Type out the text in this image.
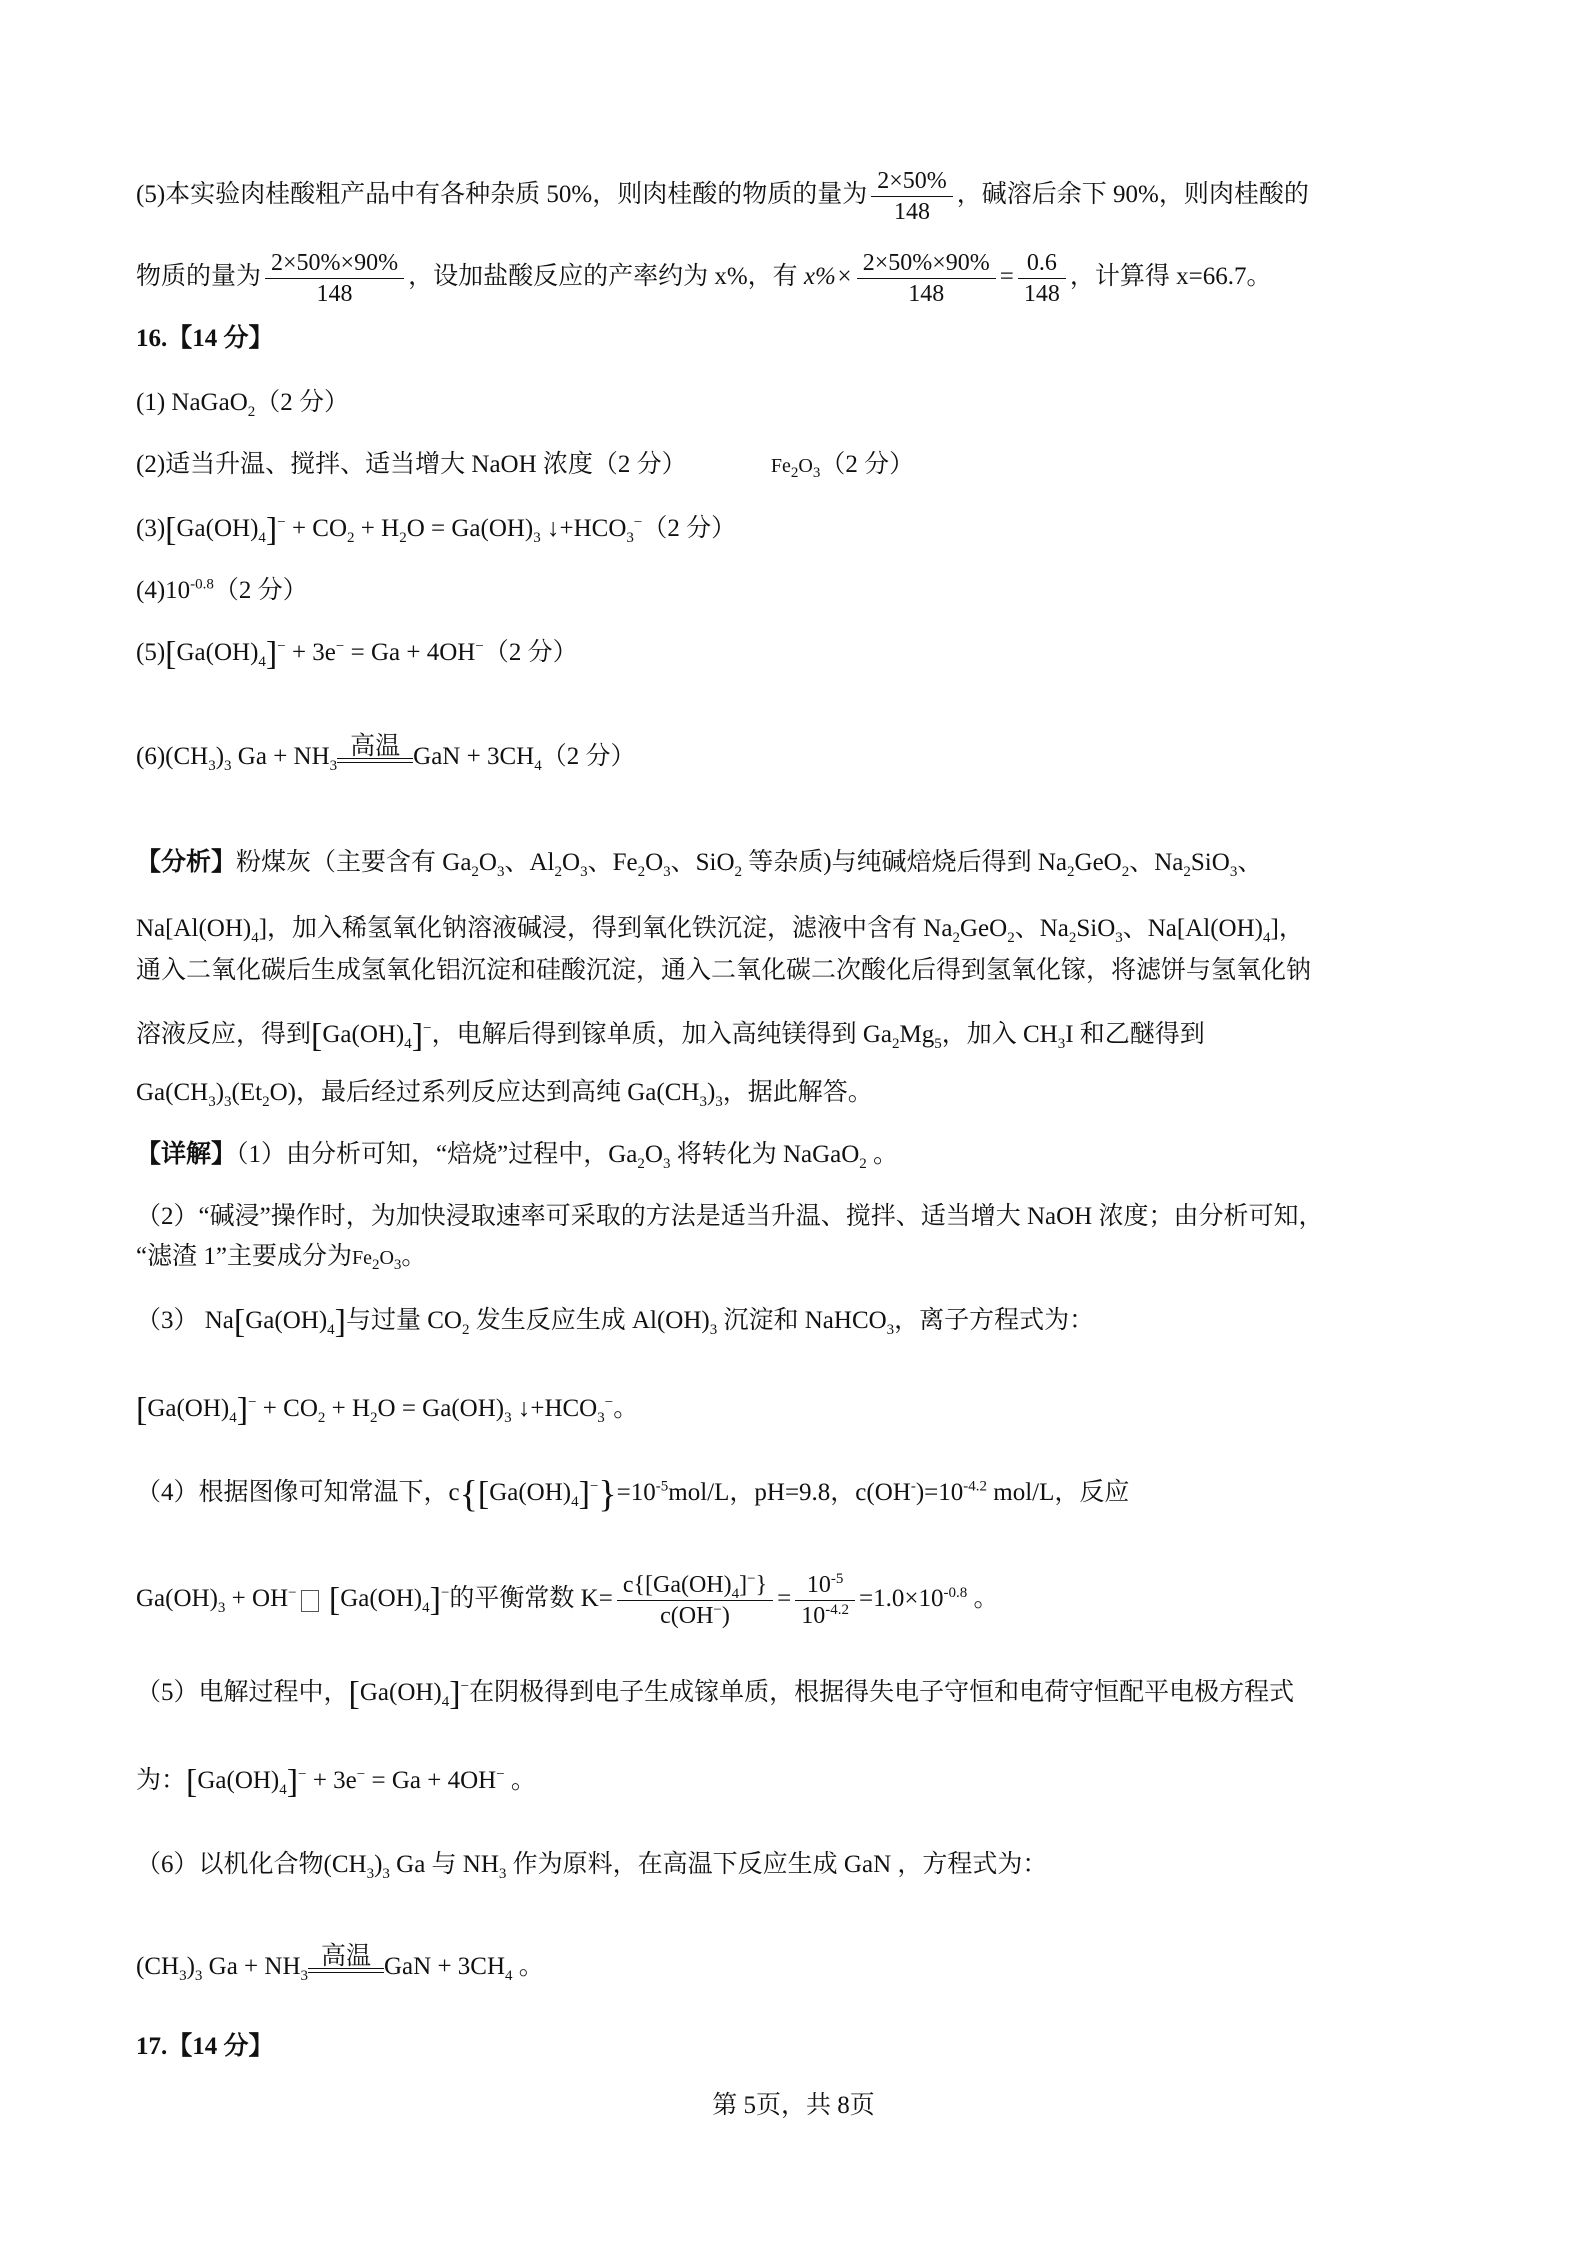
(5)本实验肉桂酸粗产品中有各种杂质 50%，则肉桂酸的物质的量为 $\frac{2\times 50\%}{148}$ ，碱溶后余下 90%，则肉桂酸的
物质的量为 $\frac{2\times 50\%\times 90\%}{148}$ ，设加盐酸反应的产率约为 x%，有 $x\%\times \frac{2\times 50\%\times 90\%}{148} = \frac{0.6}{148}$ ，计算得 x=66.7。
16.【14 分】
(1) NaGaO$_2$（2 分）
(2)适当升温、搅拌、适当增大 NaOH 浓度（2 分）	$Fe_2O_3(2$ 分）
$(3)[Ga(OH)_4]^- + CO_2 + H_2O = Ga(OH)_3$ $↓+HCO_3^-(2$ 分）
$(4)10^{-0.8}(2$ 分）
$(5)[Ga(OH)_4]^- + 3e^- = Ga + 4OH^-(2$ 分）
$(6)(CH_3)_3$ $Ga + NH_3$
高温 GaN + $3CH_4(2$ 分）
【分析】粉煤灰（主要含有 $Ga_2O_3$、$Al_2O_3$、$Fe_2O_3$、SiO$_2$ 等杂质)与纯碱焙烧后得到 $Na_2GeO_2$、$Na_2SiO_3$、
$Na[Al(OH)_4]$，加入稀氢氧化钠溶液碱浸，得到氧化铁沉淀，滤液中含有 $Na_2GeO_2$、$Na_2SiO_3$、$Na[Al(OH)_4]$，
通入二氧化碳后生成氢氧化铝沉淀和硅酸沉淀，通入二氧化碳二次酸化后得到氢氧化镓，将滤饼与氢氧化钠
溶液反应，得到$[Ga(OH)_4]^-$，电解后得到镓单质，加入高纯镁得到 $Ga_2Mg_5$，加入 $CH_3I$ 和乙醚得到
$Ga(CH_3)_3(Et_2O)$，最后经过系列反应达到高纯 $Ga(CH_3)_3$，据此解答。
【详解】（1）由分析可知，“焙烧”过程中，$Ga_2O_3$ 将转化为 NaGaO$_2$ 。
（2）“碱浸”操作时，为加快浸取速率可采取的方法是适当升温、搅拌、适当增大 NaOH 浓度；由分析可知，
“滤渣 1”主要成分为$Fe_2O_3$。
（3） $Na[Ga(OH)_4]$与过量 $CO_2$ 发生反应生成 $Al(OH)_3$ 沉淀和 NaHCO$_3$，离子方程式为：
$[Ga(OH)_4]^- + CO_2 + H_2O = Ga(OH)_3$ $↓+HCO_3^-$。
（4）根据图像可知常温下，$c\{[Ga(OH)_4]^-\}=10^{-5}mol/L$，pH=9.8，$c(OH^-)=10^{-4.2}$ mol/L，反应
$Ga(OH)_3 + OH^-$ $[Ga(OH)_4]^-$的平衡常数 $K= \frac{c\{[Ga(OH)_4]^-\}}{c(OH^-)} = \frac{10^{-5}}{10^{-4.2}} =1.0\times 10^{-0.8}$ 。
（5）电解过程中，$[Ga(OH)_4]^-$在阴极得到电子生成镓单质，根据得失电子守恒和电荷守恒配平电极方程式
为：$[Ga(OH)_4]^- + 3e^- = Ga + 4OH^-$ 。
（6）以机化合物$(CH_3)_3$ Ga 与 $NH_3$ 作为原料，在高温下反应生成 GaN ，方程式为：
$(CH_3)_3$ $Ga + NH_3$
高温 GaN + $3CH_4$ 。
17.【14 分】
第 5页，共 8页
